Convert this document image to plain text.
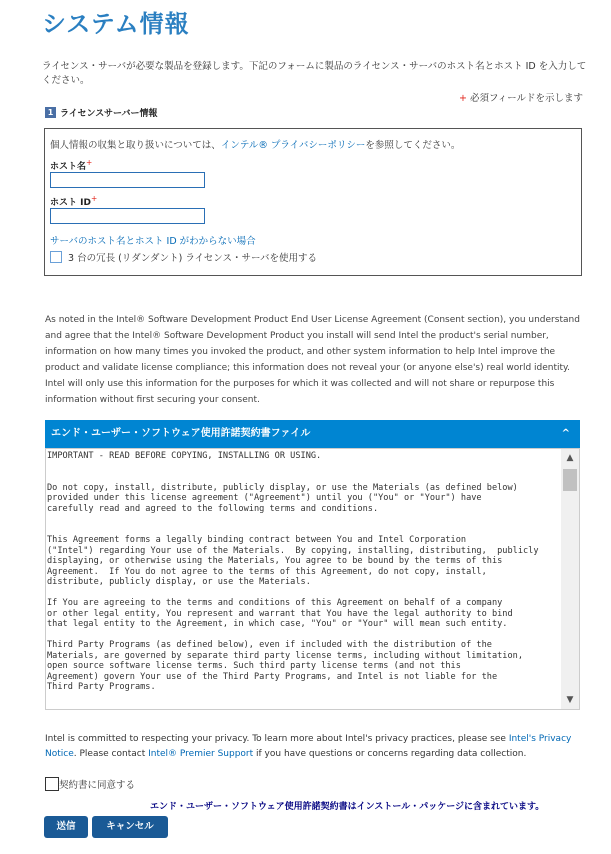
システム情報
ライセンス・サーバが必要な製品を登録します。下記のフォームに製品のライセンス・サーバのホスト名とホスト ID を入力してください。
+ 必須フィールドを示します
1 ライセンスサーバー情報
個人情報の収集と取り扱いについては、インテル® プライバシーポリシーを参照してください。
ホスト名+
ホスト ID+
サーバのホスト名とホスト ID がわからない場合
3 台の冗長 (リダンダント) ライセンス・サーバを使用する
As noted in the Intel® Software Development Product End User License Agreement (Consent section), you understand and agree that the Intel® Software Development Product you install will send Intel the product's serial number, information on how many times you invoked the product, and other system information to help Intel improve the product and validate license compliance; this information does not reveal your (or anyone else's) real world identity. Intel will only use this information for the purposes for which it was collected and will not share or repurpose this information without first securing your consent.
エンド・ユーザー・ソフトウェア使用許諾契約書ファイル	^
IMPORTANT - READ BEFORE COPYING, INSTALLING OR USING.

Do not copy, install, distribute, publicly display, or use the Materials (as defined below)
provided under this license agreement ("Agreement") until you ("You" or "Your") have
carefully read and agreed to the following terms and conditions.

This Agreement forms a legally binding contract between You and Intel Corporation
("Intel") regarding Your use of the Materials.  By copying, installing, distributing,  publicly
displaying, or otherwise using the Materials, You agree to be bound by the terms of this
Agreement.  If You do not agree to the terms of this Agreement, do not copy, install,
distribute, publicly display, or use the Materials.

If You are agreeing to the terms and conditions of this Agreement on behalf of a company
or other legal entity, You represent and warrant that You have the legal authority to bind
that legal entity to the Agreement, in which case, "You" or "Your" will mean such entity.

Third Party Programs (as defined below), even if included with the distribution of the
Materials, are governed by separate third party license terms, including without limitation,
open source software license terms. Such third party license terms (and not this
Agreement) govern Your use of the Third Party Programs, and Intel is not liable for the
Third Party Programs.
▲
▼
Intel is committed to respecting your privacy. To learn more about Intel's privacy practices, please see Intel's Privacy Notice. Please contact Intel® Premier Support if you have questions or concerns regarding data collection.
契約書に同意する
エンド・ユーザー・ソフトウェア使用許諾契約書はインストール・パッケージに含まれています。
送信	キャンセル
